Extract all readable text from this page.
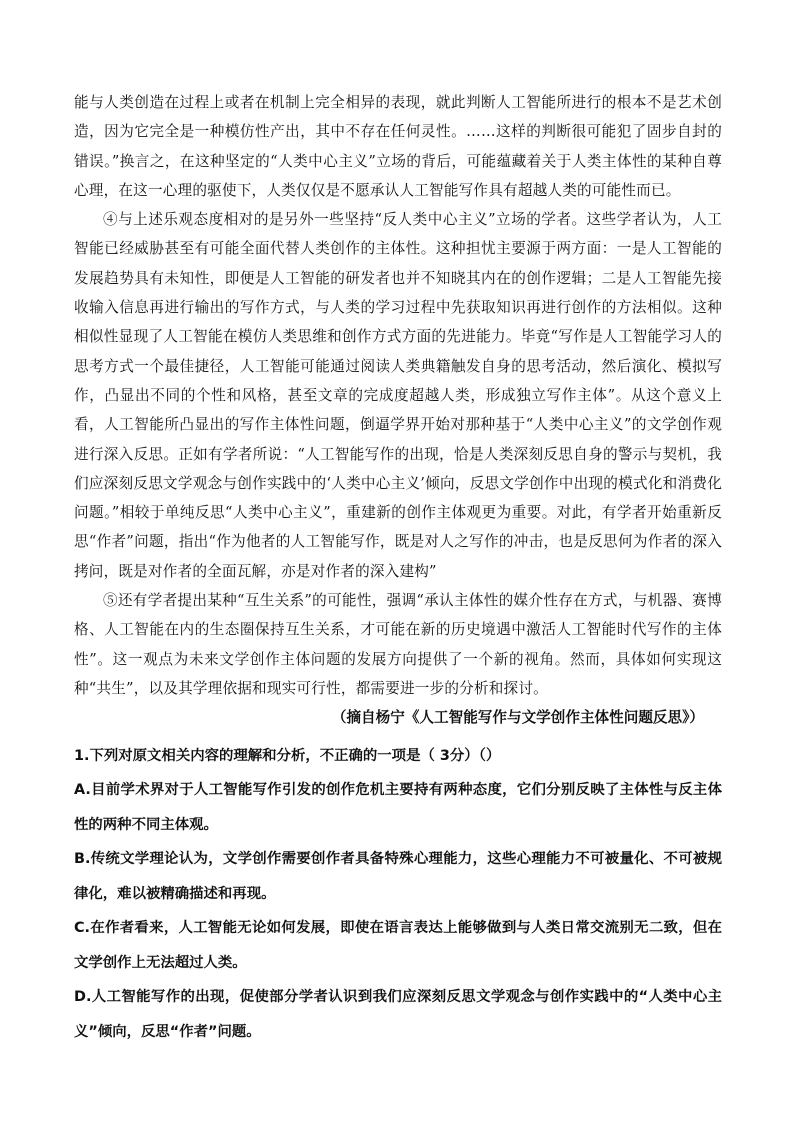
能与人类创造在过程上或者在机制上完全相异的表现，就此判断人工智能所进行的根本不是艺术创造，因为它完全是一种模仿性产出，其中不存在任何灵性。……这样的判断很可能犯了固步自封的错误。”换言之，在这种坚定的“人类中心主义”立场的背后，可能蕴藏着关于人类主体性的某种自尊心理，在这一心理的驱使下，人类仅仅是不愿承认人工智能写作具有超越人类的可能性而已。

④与上述乐观态度相对的是另外一些坚持“反人类中心主义”立场的学者。这些学者认为，人工智能已经威胁甚至有可能全面代替人类创作的主体性。这种担忧主要源于两方面：一是人工智能的发展趋势具有未知性，即便是人工智能的研发者也并不知晓其内在的创作逻辑；二是人工智能先接收输入信息再进行输出的写作方式，与人类的学习过程中先获取知识再进行创作的方法相似。这种相似性显现了人工智能在模仿人类思维和创作方式方面的先进能力。毕竟“写作是人工智能学习人的思考方式一个最佳捷径，人工智能可能通过阅读人类典籍触发自身的思考活动，然后演化、模拟写作，凸显出不同的个性和风格，甚至文章的完成度超越人类，形成独立写作主体”。从这个意义上看，人工智能所凸显出的写作主体性问题，倒逼学界开始对那种基于“人类中心主义”的文学创作观进行深入反思。正如有学者所说：“人工智能写作的出现，恰是人类深刻反思自身的警示与契机，我们应深刻反思文学观念与创作实践中的‘人类中心主义’倾向，反思文学创作中出现的模式化和消费化问题。”相较于单纯反思“人类中心主义”，重建新的创作主体观更为重要。对此，有学者开始重新反思“作者”问题，指出“作为他者的人工智能写作，既是对人之写作的冲击，也是反思何为作者的深入拷问，既是对作者的全面瓦解，亦是对作者的深入建构”

⑤还有学者提出某种“互生关系”的可能性，强调“承认主体性的媒介性存在方式，与机器、赛博格、人工智能在内的生态圈保持互生关系，才可能在新的历史境遇中激活人工智能时代写作的主体性”。这一观点为未来文学创作主体问题的发展方向提供了一个新的视角。然而，具体如何实现这种“共生”，以及其学理依据和现实可行性，都需要进一步的分析和探讨。

（摘自杨宁《人工智能写作与文学创作主体性问题反思》）

1.下列对原文相关内容的理解和分析，不正确的一项是（ 3分）（）

A.目前学术界对于人工智能写作引发的创作危机主要持有两种态度，它们分别反映了主体性与反主体性的两种不同主体观。

B.传统文学理论认为，文学创作需要创作者具备特殊心理能力，这些心理能力不可被量化、不可被规律化，难以被精确描述和再现。

C.在作者看来，人工智能无论如何发展，即使在语言表达上能够做到与人类日常交流别无二致，但在文学创作上无法超过人类。

D.人工智能写作的出现，促使部分学者认识到我们应深刻反思文学观念与创作实践中的“人类中心主义”倾向，反思“作者”问题。
